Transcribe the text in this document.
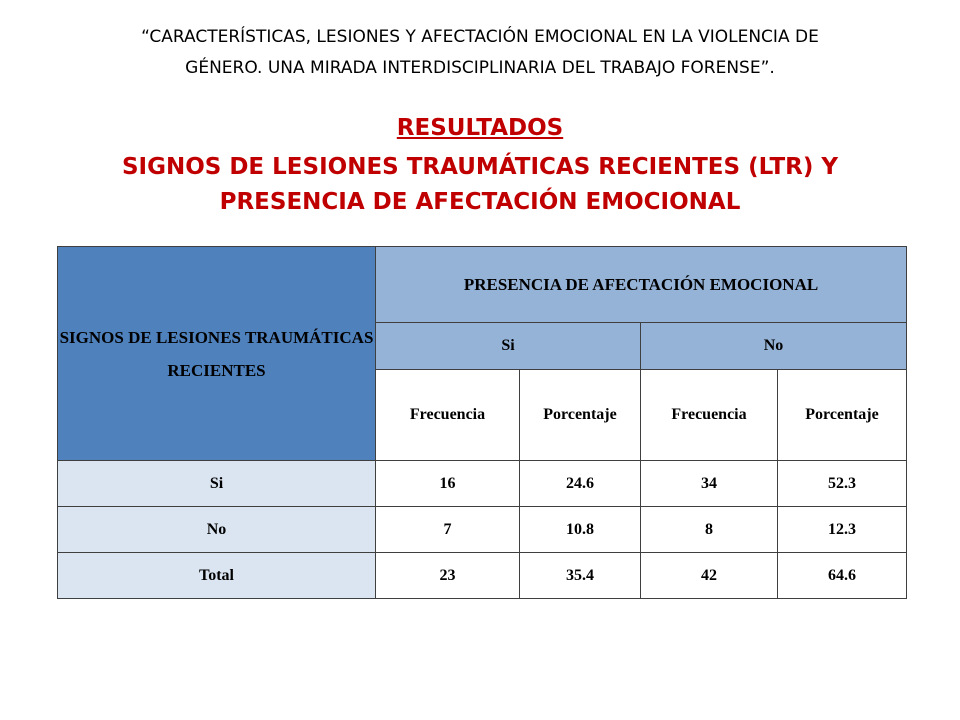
“CARACTERÍSTICAS, LESIONES Y AFECTACIÓN EMOCIONAL EN LA VIOLENCIA DE
GÉNERO. UNA MIRADA INTERDISCIPLINARIA DEL TRABAJO FORENSE”.
RESULTADOS
SIGNOS DE LESIONES TRAUMÁTICAS RECIENTES (LTR) Y
PRESENCIA DE AFECTACIÓN EMOCIONAL
SIGNOS DE LESIONES TRAUMÁTICAS RECIENTES	PRESENCIA DE AFECTACIÓN EMOCIONAL			
	Si		No	
	Frecuencia	Porcentaje	Frecuencia	Porcentaje
Si	16	24.6	34	52.3
No	7	10.8	8	12.3
Total	23	35.4	42	64.6
